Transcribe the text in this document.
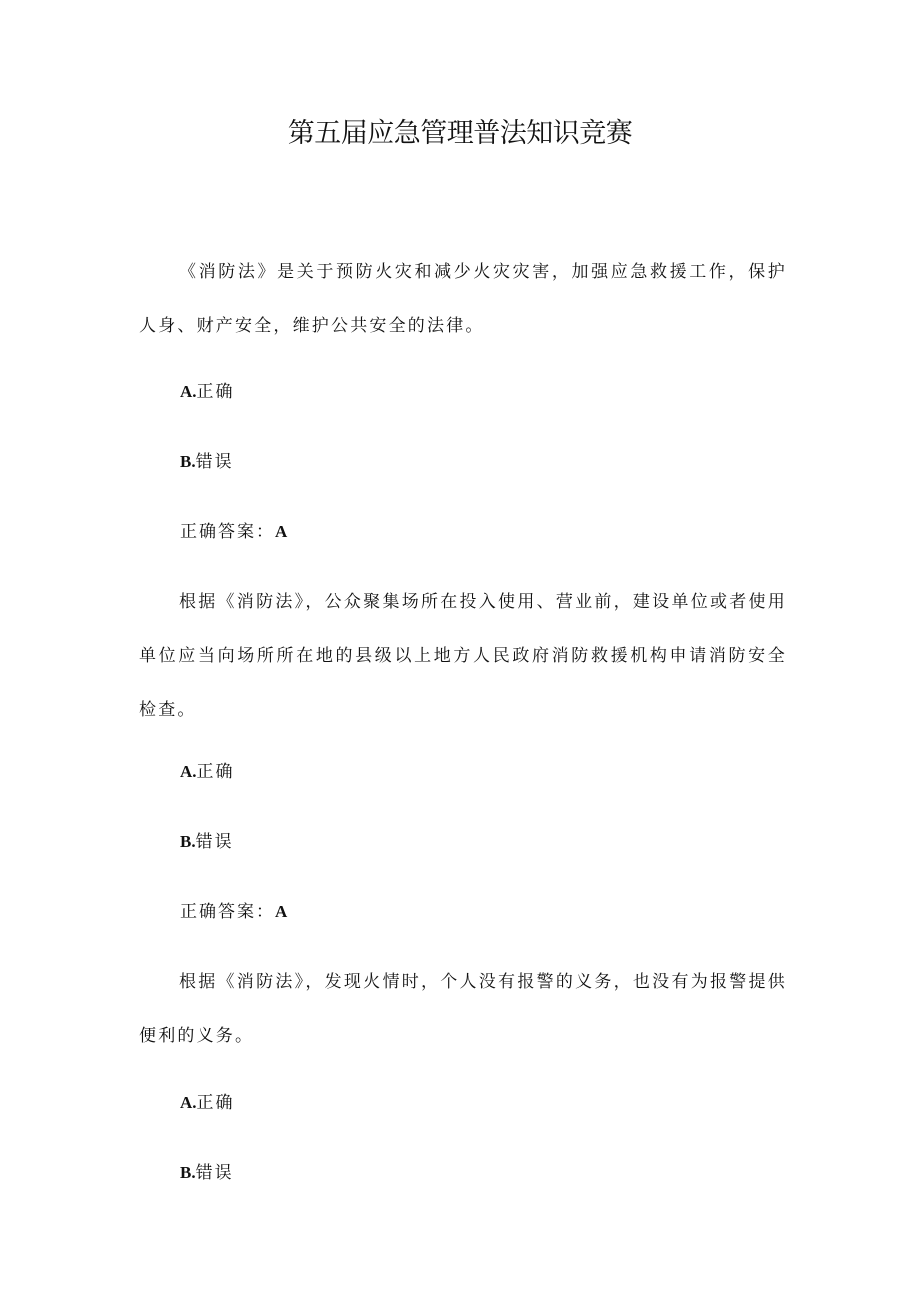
第五届应急管理普法知识竞赛

《消防法》是关于预防火灾和减少火灾灾害，加强应急救援工作，保护人身、财产安全，维护公共安全的法律。

A.正确

B.错误

正确答案：A

根据《消防法》，公众聚集场所在投入使用、营业前，建设单位或者使用单位应当向场所所在地的县级以上地方人民政府消防救援机构申请消防安全检查。

A.正确

B.错误

正确答案：A

根据《消防法》，发现火情时，个人没有报警的义务，也没有为报警提供便利的义务。

A.正确

B.错误
